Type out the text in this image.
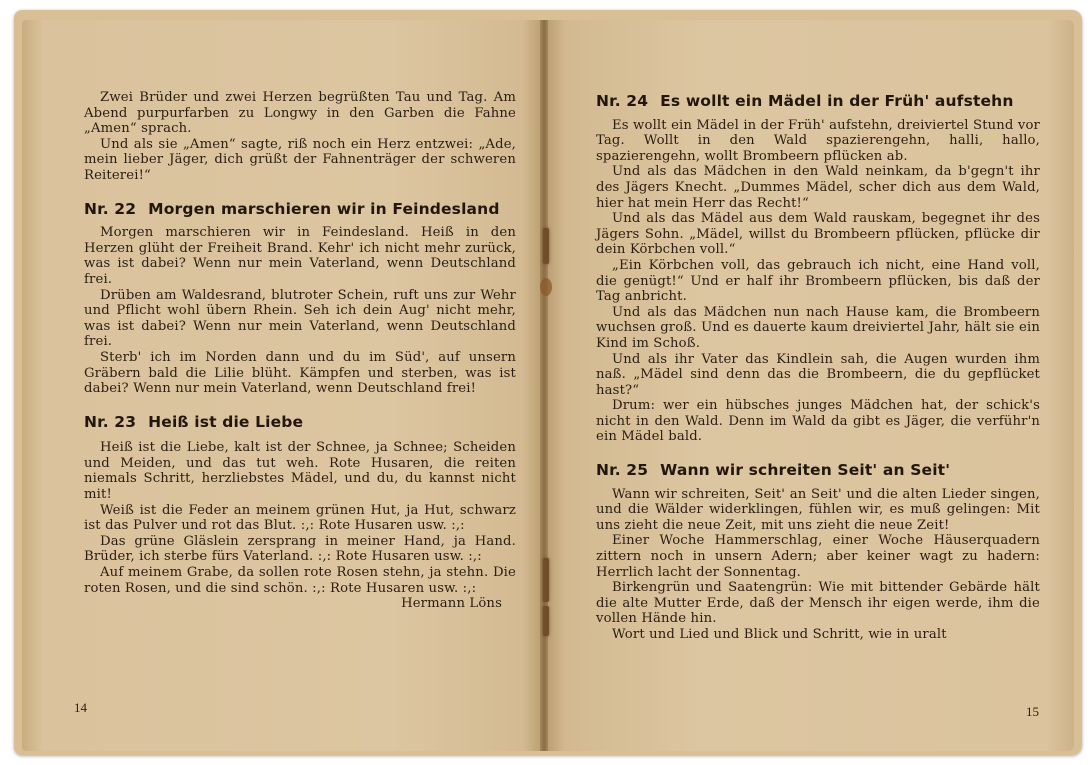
Zwei Brüder und zwei Herzen begrüßten Tau und Tag. Am Abend purpurfarben zu Longwy in den Garben die Fahne „Amen“ sprach.

Und als sie „Amen“ sagte, riß noch ein Herz entzwei: „Ade, mein lieber Jäger, dich grüßt der Fahnenträger der schweren Reiterei!“

Nr. 22 Morgen marschieren wir in Feindesland

Morgen marschieren wir in Feindesland. Heiß in den Herzen glüht der Freiheit Brand. Kehr' ich nicht mehr zurück, was ist dabei? Wenn nur mein Vaterland, wenn Deutschland frei.

Drüben am Waldesrand, blutroter Schein, ruft uns zur Wehr und Pflicht wohl übern Rhein. Seh ich dein Aug' nicht mehr, was ist dabei? Wenn nur mein Vaterland, wenn Deutschland frei.

Sterb' ich im Norden dann und du im Süd', auf unsern Gräbern bald die Lilie blüht. Kämpfen und sterben, was ist dabei? Wenn nur mein Vaterland, wenn Deutschland frei!

Nr. 23 Heiß ist die Liebe

Heiß ist die Liebe, kalt ist der Schnee, ja Schnee; Scheiden und Meiden, und das tut weh. Rote Husaren, die reiten niemals Schritt, herzliebstes Mädel, und du, du kannst nicht mit!

Weiß ist die Feder an meinem grünen Hut, ja Hut, schwarz ist das Pulver und rot das Blut. :,: Rote Husaren usw. :,:

Das grüne Gläslein zersprang in meiner Hand, ja Hand. Brüder, ich sterbe fürs Vaterland. :,: Rote Husaren usw. :,:

Auf meinem Grabe, da sollen rote Rosen stehn, ja stehn. Die roten Rosen, und die sind schön. :,: Rote Husaren usw. :,:

Hermann Löns

14
Nr. 24 Es wollt ein Mädel in der Früh' aufstehn

Es wollt ein Mädel in der Früh' aufstehn, dreiviertel Stund vor Tag. Wollt in den Wald spazierengehn, halli, hallo, spazierengehn, wollt Brombeern pflücken ab.

Und als das Mädchen in den Wald neinkam, da b'gegn't ihr des Jägers Knecht. „Dummes Mädel, scher dich aus dem Wald, hier hat mein Herr das Recht!“

Und als das Mädel aus dem Wald rauskam, begegnet ihr des Jägers Sohn. „Mädel, willst du Brombeern pflücken, pflücke dir dein Körbchen voll.“

„Ein Körbchen voll, das gebrauch ich nicht, eine Hand voll, die genügt!“ Und er half ihr Brombeern pflücken, bis daß der Tag anbricht.

Und als das Mädchen nun nach Hause kam, die Brombeern wuchsen groß. Und es dauerte kaum dreiviertel Jahr, hält sie ein Kind im Schoß.

Und als ihr Vater das Kindlein sah, die Augen wurden ihm naß. „Mädel sind denn das die Brombeern, die du gepflücket hast?“

Drum: wer ein hübsches junges Mädchen hat, der schick's nicht in den Wald. Denn im Wald da gibt es Jäger, die verführ'n ein Mädel bald.

Nr. 25 Wann wir schreiten Seit' an Seit'

Wann wir schreiten, Seit' an Seit' und die alten Lieder singen, und die Wälder widerklingen, fühlen wir, es muß gelingen: Mit uns zieht die neue Zeit, mit uns zieht die neue Zeit!

Einer Woche Hammerschlag, einer Woche Häuserquadern zittern noch in unsern Adern; aber keiner wagt zu hadern: Herrlich lacht der Sonnentag.

Birkengrün und Saatengrün: Wie mit bittender Gebärde hält die alte Mutter Erde, daß der Mensch ihr eigen werde, ihm die vollen Hände hin.

Wort und Lied und Blick und Schritt, wie in uralt

15
